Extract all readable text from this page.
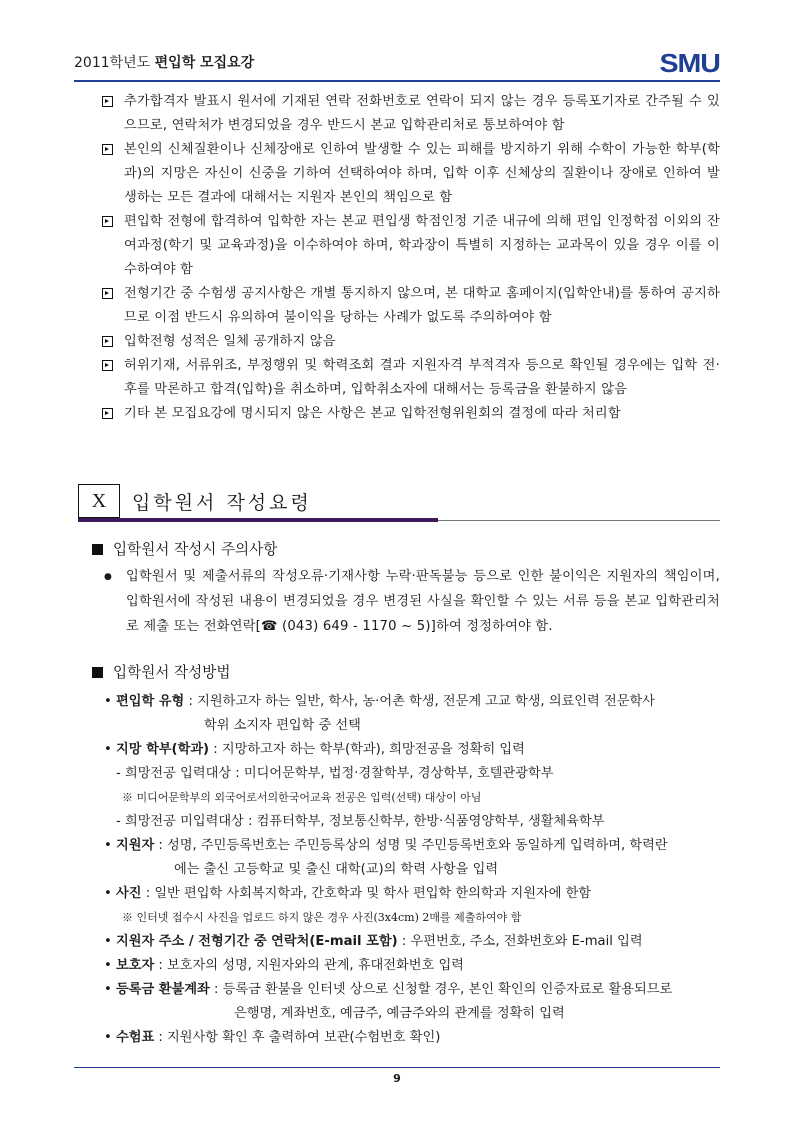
2011학년도 편입학 모집요강	SMU
추가합격자 발표시 원서에 기재된 연락 전화번호로 연락이 되지 않는 경우 등록포기자로 간주될 수 있으므로, 연락처가 변경되었을 경우 반드시 본교 입학관리처로 통보하여야 함
본인의 신체질환이나 신체장애로 인하여 발생할 수 있는 피해를 방지하기 위해 수학이 가능한 학부(학과)의 지망은 자신이 신중을 기하여 선택하여야 하며, 입학 이후 신체상의 질환이나 장애로 인하여 발생하는 모든 결과에 대해서는 지원자 본인의 책임으로 함
편입학 전형에 합격하여 입학한 자는 본교 편입생 학점인정 기준 내규에 의해 편입 인정학점 이외의 잔여과정(학기 및 교육과정)을 이수하여야 하며, 학과장이 특별히 지정하는 교과목이 있을 경우 이를 이수하여야 함
전형기간 중 수험생 공지사항은 개별 통지하지 않으며, 본 대학교 홈페이지(입학안내)를 통하여 공지하므로 이점 반드시 유의하여 불이익을 당하는 사례가 없도록 주의하여야 함
입학전형 성적은 일체 공개하지 않음
허위기재, 서류위조, 부정행위 및 학력조회 결과 지원자격 부적격자 등으로 확인될 경우에는 입학 전·후를 막론하고 합격(입학)을 취소하며, 입학취소자에 대해서는 등록금을 환불하지 않음
기타 본 모집요강에 명시되지 않은 사항은 본교 입학전형위원회의 결정에 따라 처리함
X	입학원서 작성요령
입학원서 작성시 주의사항
●	입학원서 및 제출서류의 작성오류·기재사항 누락·판독불능 등으로 인한 불이익은 지원자의 책임이며, 입학원서에 작성된 내용이 변경되었을 경우 변경된 사실을 확인할 수 있는 서류 등을 본교 입학관리처로 제출 또는 전화연락[☎ (043) 649 - 1170 ~ 5)]하여 정정하여야 함.
입학원서 작성방법
• 편입학 유형 : 지원하고자 하는 일반, 학사, 농·어촌 학생, 전문계 고교 학생, 의료인력 전문학사
학위 소지자 편입학 중 선택
• 지망 학부(학과) : 지망하고자 하는 학부(학과), 희망전공을 정확히 입력
- 희망전공 입력대상 : 미디어문학부, 법정·경찰학부, 경상학부, 호텔관광학부
※ 미디어문학부의 외국어로서의한국어교육 전공은 입력(선택) 대상이 아님
- 희망전공 미입력대상 : 컴퓨터학부, 정보통신학부, 한방·식품영양학부, 생활체육학부
• 지원자 : 성명, 주민등록번호는 주민등록상의 성명 및 주민등록번호와 동일하게 입력하며, 학력란
에는 출신 고등학교 및 출신 대학(교)의 학력 사항을 입력
• 사진 : 일반 편입학 사회복지학과, 간호학과 및 학사 편입학 한의학과 지원자에 한함
※ 인터넷 접수시 사진을 업로드 하지 않은 경우 사진(3x4cm) 2매를 제출하여야 함
• 지원자 주소 / 전형기간 중 연락처(E-mail 포함) : 우편번호, 주소, 전화번호와 E-mail 입력
• 보호자 : 보호자의 성명, 지원자와의 관계, 휴대전화번호 입력
• 등록금 환불계좌 : 등록금 환불을 인터넷 상으로 신청할 경우, 본인 확인의 인증자료로 활용되므로
은행명, 계좌번호, 예금주, 예금주와의 관계를 정확히 입력
• 수험표 : 지원사항 확인 후 출력하여 보관(수험번호 확인)
9
